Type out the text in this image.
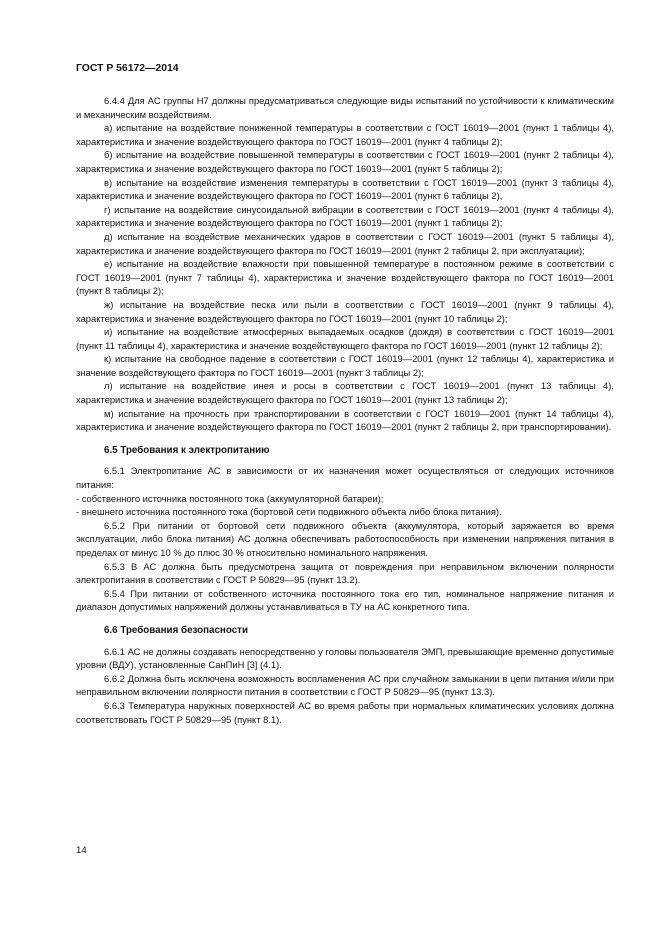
ГОСТ Р 56172—2014

6.4.4 Для АС группы Н7 должны предусматриваться следующие виды испытаний по устойчивости к климатическим и механическим воздействиям.

а) испытание на воздействие пониженной температуры в соответствии с ГОСТ 16019—2001 (пункт 1 таблицы 4), характеристика и значение воздействующего фактора по ГОСТ 16019—2001 (пункт 4 таблицы 2);

б) испытание на воздействие повышенной температуры в соответствии с ГОСТ 16019—2001 (пункт 2 таблицы 4), характеристика и значение воздействующего фактора по ГОСТ 16019—2001 (пункт 5 таблицы 2);

в) испытание на воздействие изменения температуры в соответствии с ГОСТ 16019—2001 (пункт 3 таблицы 4), характеристика и значение воздействующего фактора по ГОСТ 16019—2001 (пункт 6 таблицы 2),

г) испытание на воздействие синусоидальной вибрации в соответствии с ГОСТ 16019—2001 (пункт 4 таблицы 4), характеристика и значение воздействующего фактора по ГОСТ 16019—2001 (пункт 1 таблицы 2);

д) испытание на воздействие механических ударов в соответствии с ГОСТ 16019—2001 (пункт 5 таблицы 4), характеристика и значение воздействующего фактора по ГОСТ 16019—2001 (пункт 2 таблицы 2, при эксплуатации);

е) испытание на воздействие влажности при повышенной температуре в постоянном режиме в соответствии с ГОСТ 16019—2001 (пункт 7 таблицы 4), характеристика и значение воздействующего фактора по ГОСТ 16019—2001 (пункт 8 таблицы 2);

ж) испытание на воздействие песка или пыли в соответствии с ГОСТ 16019—2001 (пункт 9 таблицы 4), характеристика и значение воздействующего фактора по ГОСТ 16019—2001 (пункт 10 таблицы 2);

и) испытание на воздействие атмосферных выпадаемых осадков (дождя) в соответствии с ГОСТ 16019—2001 (пункт 11 таблицы 4), характеристика и значение воздействующего фактора по ГОСТ 16019—2001 (пункт 12 таблицы 2);

к) испытание на свободное падение в соответствии с ГОСТ 16019—2001 (пункт 12 таблицы 4), характеристика и значение воздействующего фактора по ГОСТ 16019—2001 (пункт 3 таблицы 2);

л) испытание на воздействие инея и росы в соответствии с ГОСТ 16019—2001 (пункт 13 таблицы 4), характеристика и значение воздействующего фактора по ГОСТ 16019—2001 (пункт 13 таблицы 2);

м) испытание на прочность при транспортировании в соответствии с ГОСТ 16019—2001 (пункт 14 таблицы 4), характеристика и значение воздействующего фактора по ГОСТ 16019—2001 (пункт 2 таблицы 2, при транспортировании).

6.5 Требования к электропитанию

6.5.1 Электропитание АС в зависимости от их назначения может осуществляться от следующих источников питания:

- собственного источника постоянного тока (аккумуляторной батареи);

- внешнего источника постоянного тока (бортовой сети подвижного объекта либо блока питания).

6.5.2 При питании от бортовой сети подвижного объекта (аккумулятора, который заряжается во время эксплуатации, либо блока питания) АС должна обеспечивать работоспособность при изменении напряжения питания в пределах от минус 10 % до плюс 30 % относительно номинального напряжения.

6.5.3 В АС должна быть предусмотрена защита от повреждения при неправильном включении полярности электропитания в соответствии с ГОСТ Р 50829—95 (пункт 13.2).

6.5.4 При питании от собственного источника постоянного тока его тип, номинальное напряжение питания и диапазон допустимых напряжений должны устанавливаться в ТУ на АС конкретного типа.

6.6 Требования безопасности

6.6.1 АС не должны создавать непосредственно у головы пользователя ЭМП, превышающие временно допустимые уровни (ВДУ), установленные СанПиН [3] (4.1).

6.6.2 Должна быть исключена возможность воспламенения АС при случайном замыкании в цепи питания и/или при неправильном включении полярности питания в соответствии с ГОСТ Р 50829—95 (пункт 13.3).

6.6.3 Температура наружных поверхностей АС во время работы при нормальных климатических условиях должна соответствовать ГОСТ Р 50829—95 (пункт 8.1).

14
